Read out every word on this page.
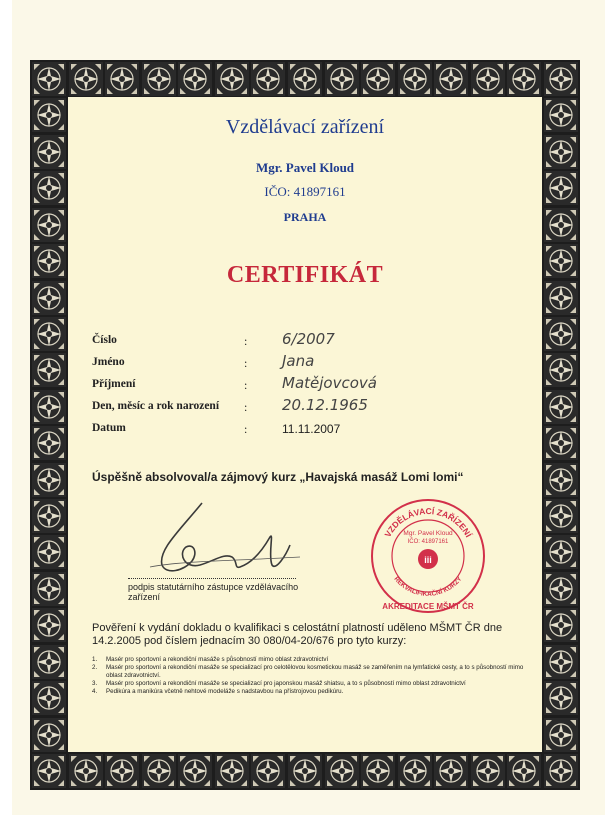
Vzdělávací zařízení
Mgr. Pavel Kloud
IČO: 41897161
PRAHA
CERTIFIKÁT
Číslo	: 6/2007
Jméno	: Jana
Příjmení	: Matějovcová
Den, měsíc a rok narození : 20.12.1965
Datum	:	11.11.2007
Úspěšně absolvoval/a zájmový kurz „Havajská masáž Lomi lomi“
podpis statutárního zástupce vzdělávacího zařízení
VZDĚLÁVACÍ ZAŘÍZENÍ
REKVALIFIKAČNÍ KURZY
Mgr. Pavel Kloud
IČO: 41897161
iii
AKREDITACE MŠMT ČR
Pověření k vydání dokladu o kvalifikaci s celostátní platností uděleno MŠMT ČR dne 14.2.2005 pod číslem jednacím 30 080/04-20/676 pro tyto kurzy:
1. Masér pro sportovní a rekondiční masáže s působností mimo oblast zdravotnictví
2. Masér pro sportovní a rekondiční masáže se specializací pro celotělovou kosmetickou masáž se zaměřením na lymfatické cesty, a to s působností mimo oblast zdravotnictví.
3. Masér pro sportovní a rekondiční masáže se specializací pro japonskou masáž shiatsu, a to s působností mimo oblast zdravotnictví
4. Pedikúra a manikúra včetně nehtové modeláže s nadstavbou na přístrojovou pedikúru.
